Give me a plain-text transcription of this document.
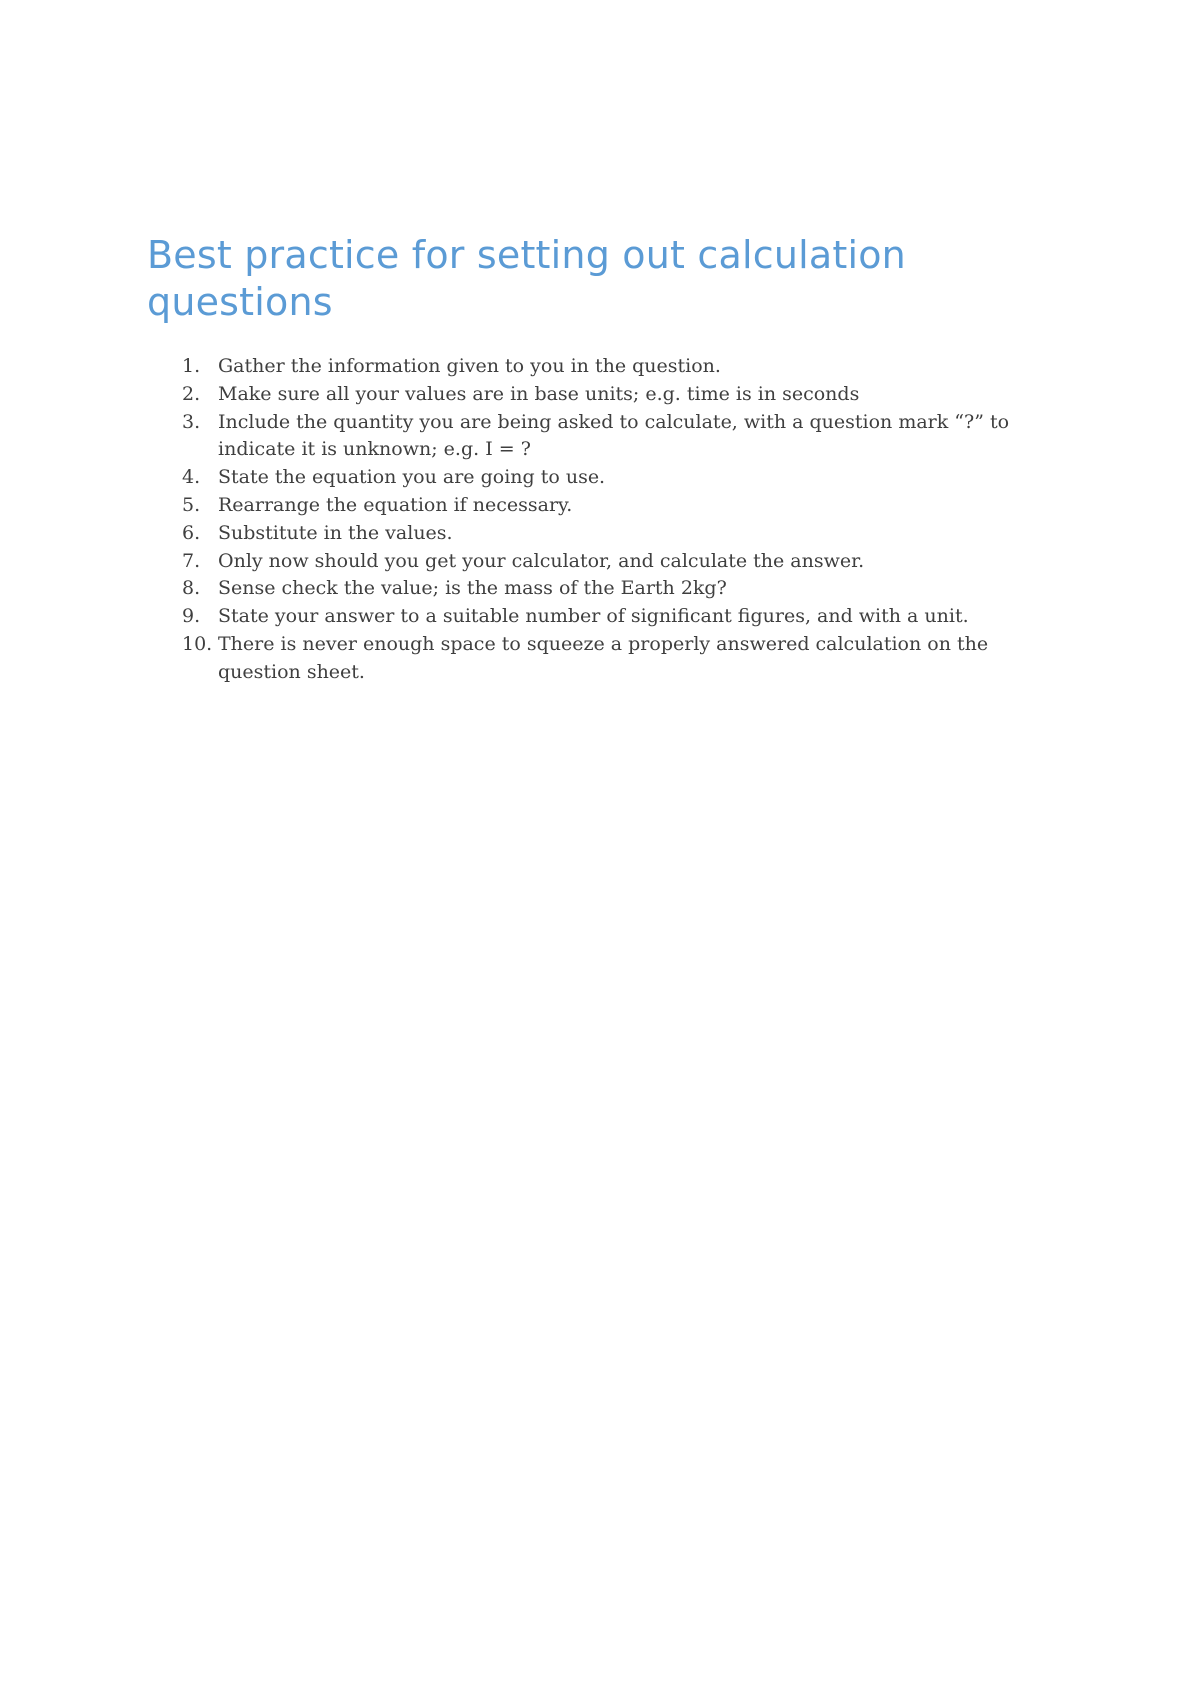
Best practice for setting out calculation questions
1. Gather the information given to you in the question.
2. Make sure all your values are in base units; e.g. time is in seconds
3. Include the quantity you are being asked to calculate, with a question mark “?” to indicate it is unknown; e.g. I = ?
4. State the equation you are going to use.
5. Rearrange the equation if necessary.
6. Substitute in the values.
7. Only now should you get your calculator, and calculate the answer.
8. Sense check the value; is the mass of the Earth 2kg?
9. State your answer to a suitable number of significant figures, and with a unit.
10. There is never enough space to squeeze a properly answered calculation on the question sheet.
